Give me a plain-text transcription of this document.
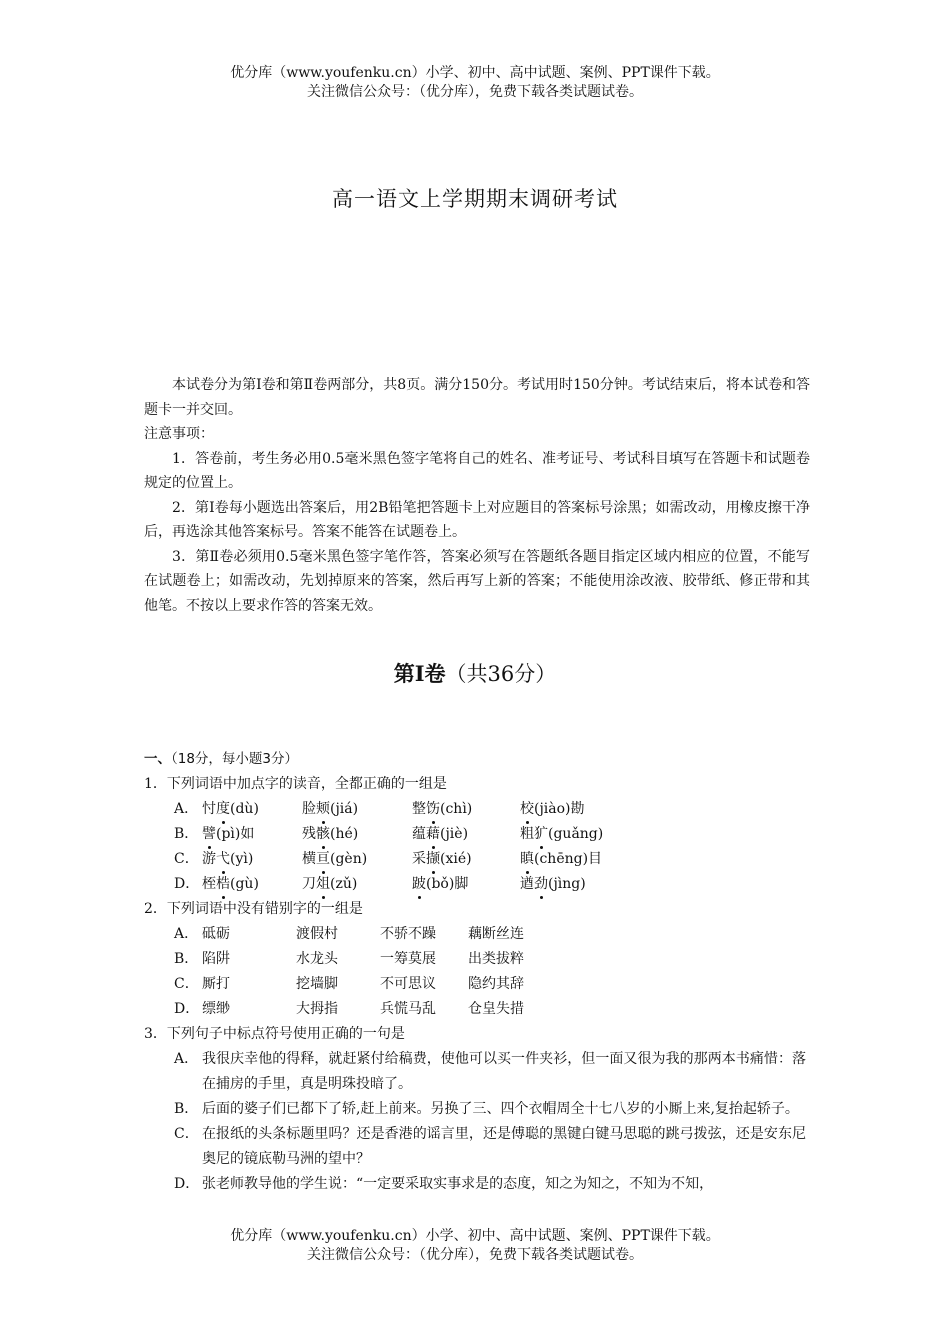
优分库（www.youfenku.cn）小学、初中、高中试题、案例、PPT课件下载。
关注微信公众号：（优分库），免费下载各类试题试卷。
高一语文上学期期末调研考试

本试卷分为第Ⅰ卷和第Ⅱ卷两部分，共8页。满分150分。考试用时150分钟。考试结束后，将本试卷和答题卡一并交回。

注意事项：

1．答卷前，考生务必用0.5毫米黑色签字笔将自己的姓名、准考证号、考试科目填写在答题卡和试题卷规定的位置上。

2．第Ⅰ卷每小题选出答案后，用2B铅笔把答题卡上对应题目的答案标号涂黑；如需改动，用橡皮擦干净后，再选涂其他答案标号。答案不能答在试题卷上。

3．第Ⅱ卷必须用0.5毫米黑色签字笔作答，答案必须写在答题纸各题目指定区域内相应的位置，不能写在试题卷上；如需改动，先划掉原来的答案，然后再写上新的答案；不能使用涂改液、胶带纸、修正带和其他笔。不按以上要求作答的答案无效。

第Ⅰ卷（共36分）
一、（18分，每小题3分）
1．下列词语中加点字的读音，全都正确的一组是
A． 忖度(dù)	脸颊(jiá)	整饬(chì)	校(jiào)勘
B． 譬(pì)如	残骸(hé)	蕴藉(jiè)	粗犷(guǎng)
C． 游弋(yì)	横亘(gèn)	采撷(xié)	瞋(chēng)目
D． 桎梏(gù)	刀俎(zǔ)	跛(bǒ)脚	遒劲(jìng)
2．下列词语中没有错别字的一组是
A． 砥砺	渡假村	不骄不躁	藕断丝连
B． 陷阱	水龙头	一筹莫展	出类拔粹
C． 厮打	挖墙脚	不可思议	隐约其辞
D． 缥缈	大拇指	兵慌马乱	仓皇失措
3．下列句子中标点符号使用正确的一句是
A． 我很庆幸他的得释，就赶紧付给稿费，使他可以买一件夹衫，但一面又很为我的那两本书痛惜：落在捕房的手里，真是明珠投暗了。
B． 后面的婆子们已都下了轿,赶上前来。另换了三、四个衣帽周全十七八岁的小厮上来,复抬起轿子。
C． 在报纸的头条标题里吗？还是香港的谣言里，还是傅聪的黑键白键马思聪的跳弓拨弦，还是安东尼奥尼的镜底勒马洲的望中？
D． 张老师教导他的学生说：“一定要采取实事求是的态度，知之为知之，不知为不知，
优分库（www.youfenku.cn）小学、初中、高中试题、案例、PPT课件下载。
关注微信公众号：（优分库），免费下载各类试题试卷。
